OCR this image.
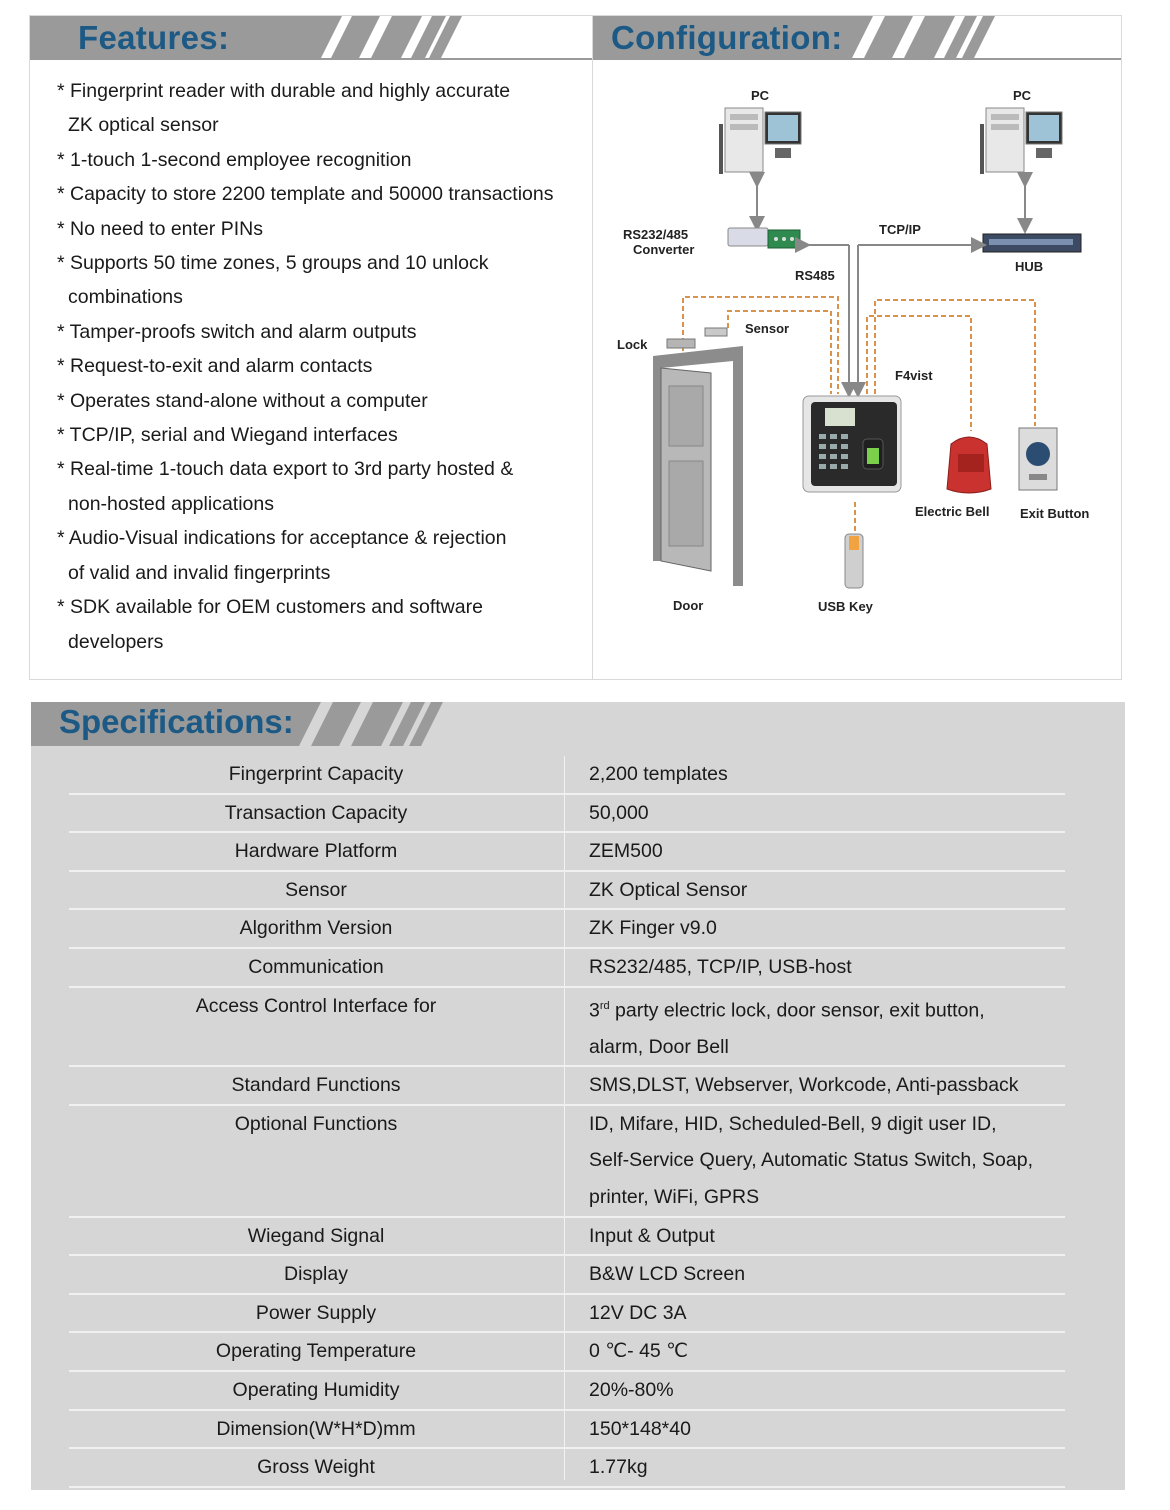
Features:
* Fingerprint reader with durable and highly accurate
ZK optical sensor
* 1-touch 1-second employee recognition
* Capacity to store 2200 template and 50000 transactions
* No need to enter PINs
* Supports 50 time zones, 5 groups and 10 unlock
combinations
* Tamper-proofs switch and alarm outputs
* Request-to-exit and alarm contacts
* Operates stand-alone without a computer
* TCP/IP, serial and Wiegand interfaces
* Real-time 1-touch data export to 3rd party hosted &
non-hosted applications
* Audio-Visual indications for acceptance & rejection
of valid and invalid fingerprints
* SDK available for OEM customers and software
developers
Configuration:
PC	PC
RS232/485
Converter
TCP/IP
HUB
RS485
Sensor
Lock
F4vist
Electric Bell Exit Button
Door	USB Key
Specifications:
Fingerprint Capacity	2,200 templates
Transaction Capacity	50,000
Hardware Platform	ZEM500
Sensor	ZK Optical Sensor
Algorithm Version	ZK Finger v9.0
Communication	RS232/485, TCP/IP, USB-host
Access Control Interface for	3rd party electric lock, door sensor, exit button,
alarm, Door Bell
Standard Functions	SMS,DLST, Webserver, Workcode, Anti-passback
Optional Functions	ID, Mifare, HID, Scheduled-Bell, 9 digit user ID,
Self-Service Query, Automatic Status Switch, Soap,
printer, WiFi, GPRS
Wiegand Signal	Input & Output
Display	B&W LCD Screen
Power Supply	12V DC 3A
Operating Temperature	0 ℃- 45 ℃
Operating Humidity	20%-80%
Dimension(W*H*D)mm	150*148*40
Gross Weight	1.77kg
